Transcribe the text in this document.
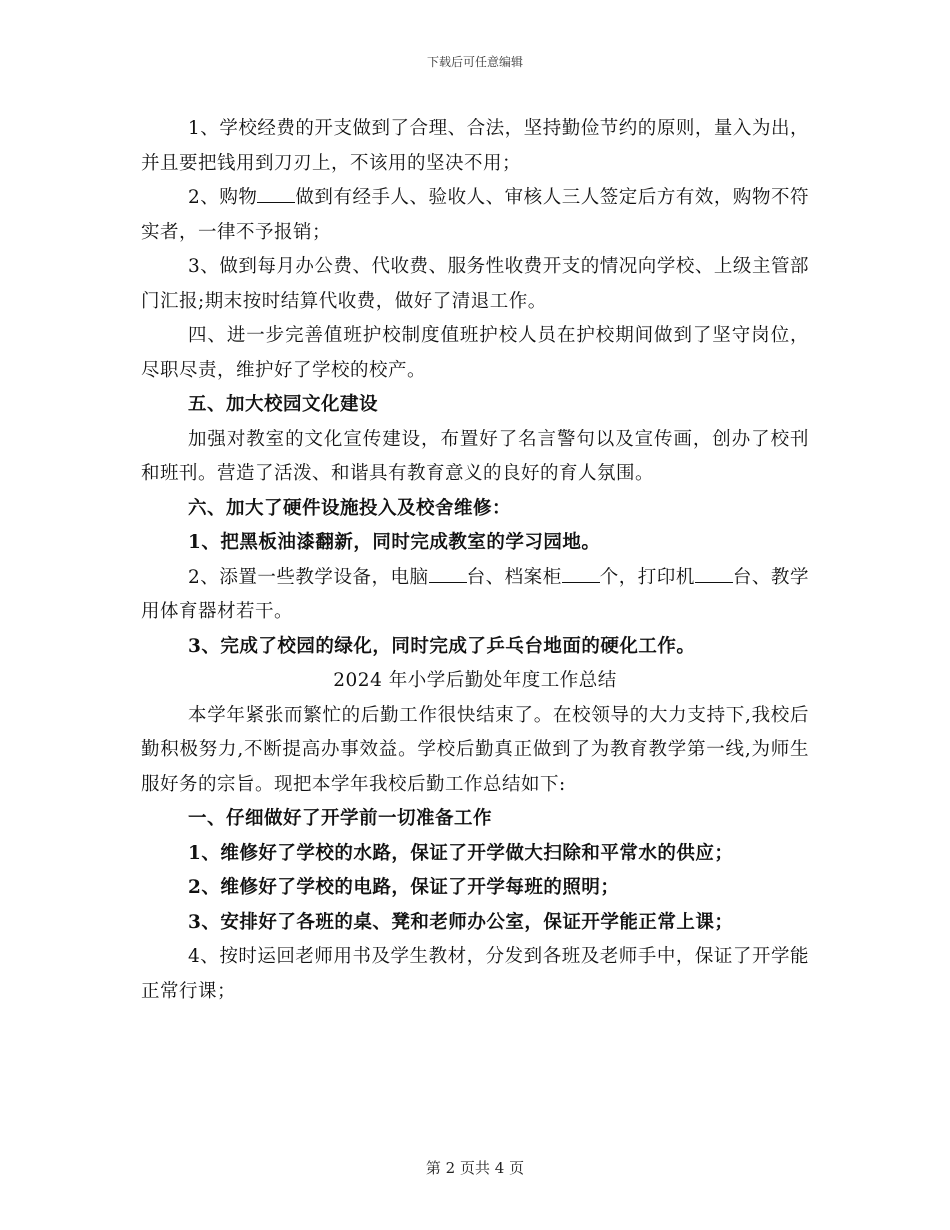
下载后可任意编辑

1、学校经费的开支做到了合理、合法，坚持勤俭节约的原则，量入为出，并且要把钱用到刀刃上，不该用的坚决不用；

2、购物 做到有经手人、验收人、审核人三人签定后方有效，购物不符实者，一律不予报销；

3、做到每月办公费、代收费、服务性收费开支的情况向学校、上级主管部门汇报;期末按时结算代收费，做好了清退工作。

四、进一步完善值班护校制度值班护校人员在护校期间做到了坚守岗位，尽职尽责，维护好了学校的校产。

五、加大校园文化建设

加强对教室的文化宣传建设，布置好了名言警句以及宣传画，创办了校刊和班刊。营造了活泼、和谐具有教育意义的良好的育人氛围。

六、加大了硬件设施投入及校舍维修：

1、把黑板油漆翻新，同时完成教室的学习园地。

2、添置一些教学设备，电脑 台、档案柜 个，打印机 台、教学用体育器材若干。

3、完成了校园的绿化，同时完成了乒乓台地面的硬化工作。

2024 年小学后勤处年度工作总结

本学年紧张而繁忙的后勤工作很快结束了。在校领导的大力支持下,我校后勤积极努力,不断提高办事效益。学校后勤真正做到了为教育教学第一线,为师生服好务的宗旨。现把本学年我校后勤工作总结如下:

一、仔细做好了开学前一切准备工作

1、维修好了学校的水路，保证了开学做大扫除和平常水的供应；

2、维修好了学校的电路，保证了开学每班的照明；

3、安排好了各班的桌、凳和老师办公室，保证开学能正常上课；

4、按时运回老师用书及学生教材，分发到各班及老师手中，保证了开学能正常行课；

第 2 页共 4 页
